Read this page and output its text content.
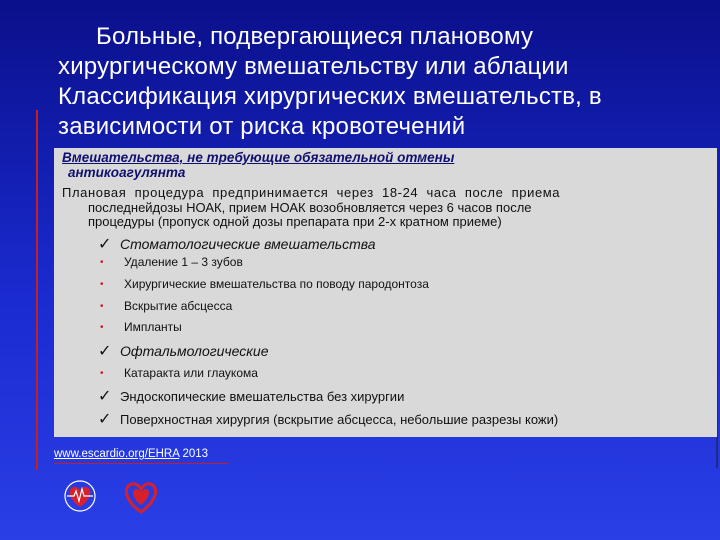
Больные, подвергающиеся плановому
хирургическому вмешательству или аблации
Классификация хирургических вмешательств, в
зависимости от риска кровотечений
Вмешательства, не требующие обязательной отмены
антикоагулянта
Плановая процедура предпринимается через 18-24 часа после приема
последнейдозы НОАК, прием НОАК возобновляется через 6 часов после
процедуры (пропуск одной дозы препарата при 2-х кратном приеме)
✓ Стоматологические вмешательства
•	Удаление 1 – 3 зубов
•	Хирургические вмешательства по поводу пародонтоза
•	Вскрытие абсцесса
•	Импланты
✓ Офтальмологические
•	Катаракта или глаукома
✓ Эндоскопические вмешательства без хирургии
✓ Поверхностная хирургия (вскрытие абсцесса, небольшие разрезы кожи)
www.escardio.org/EHRA 2013
